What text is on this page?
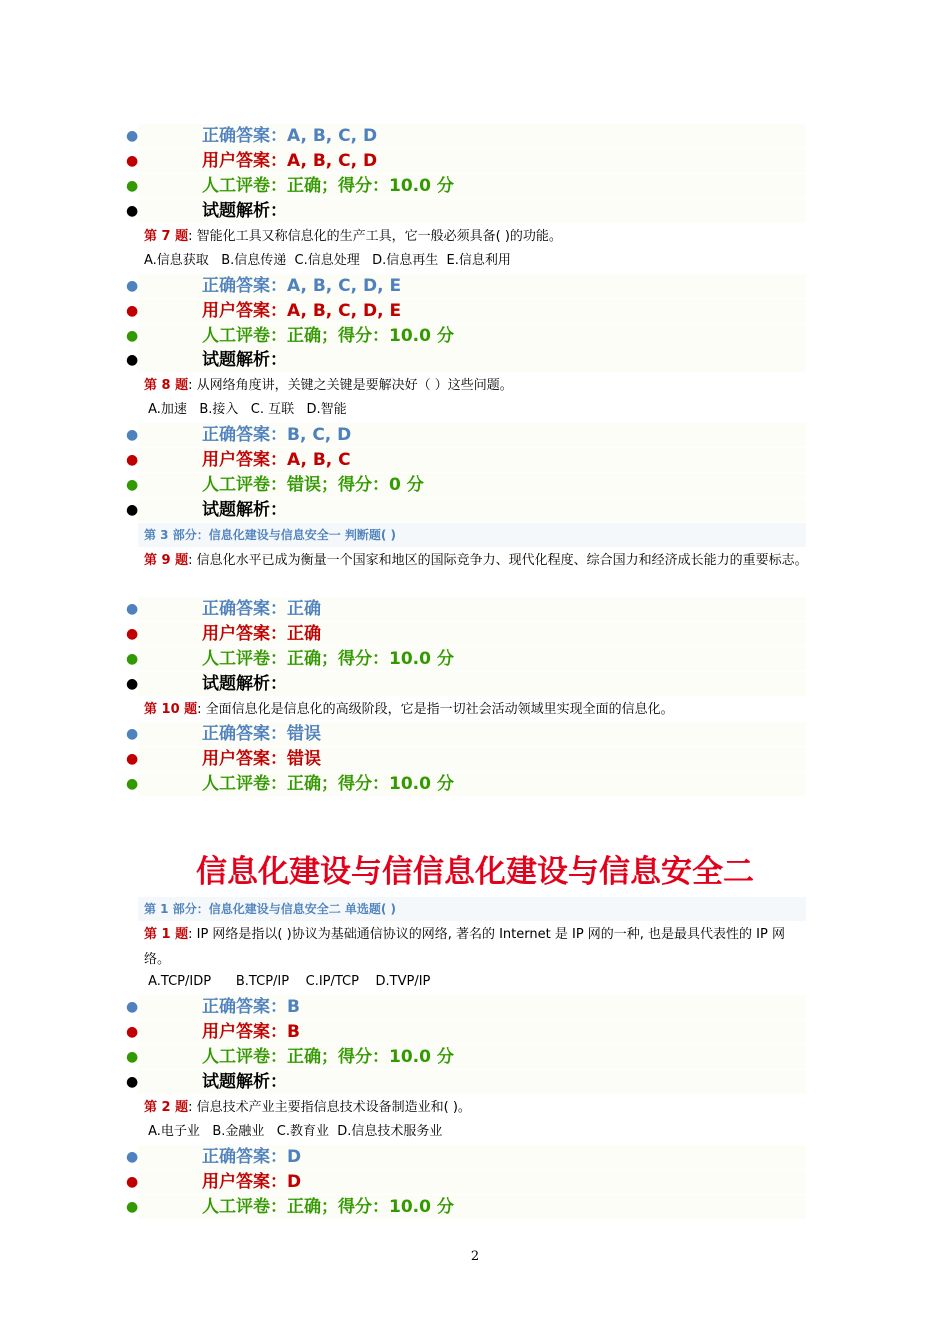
●	正确答案：A, B, C, D
●	用户答案：A, B, C, D
●	人工评卷：正确；得分：10.0 分
●	试题解析：
第 7 题: 智能化工具又称信息化的生产工具，它一般必须具备( )的功能。
A.信息获取   B.信息传递  C.信息处理   D.信息再生  E.信息利用
●	正确答案：A, B, C, D, E
●	用户答案：A, B, C, D, E
●	人工评卷：正确；得分：10.0 分
●	试题解析：
第 8 题: 从网络角度讲，关键之关键是要解决好（ ）这些问题。
A.加速   B.接入   C. 互联   D.智能
●	正确答案：B, C, D
●	用户答案：A, B, C
●	人工评卷：错误；得分：0 分
●	试题解析：
第 3 部分：信息化建设与信息安全一 判断题( )
第 9 题: 信息化水平已成为衡量一个国家和地区的国际竞争力、现代化程度、综合国力和经济成长能力的重要标志。
●	正确答案：正确
●	用户答案：正确
●	人工评卷：正确；得分：10.0 分
●	试题解析：
第 10 题: 全面信息化是信息化的高级阶段，它是指一切社会活动领域里实现全面的信息化。
●	正确答案：错误
●	用户答案：错误
●	人工评卷：正确；得分：10.0 分
信息化建设与信信息化建设与信息安全二
第 1 部分：信息化建设与信息安全二 单选题( )
第 1 题: IP 网络是指以( )协议为基础通信协议的网络, 著名的 Internet 是 IP 网的一种, 也是最具代表性的 IP 网络。
A.TCP/IDP      B.TCP/IP    C.IP/TCP    D.TVP/IP
●	正确答案：B
●	用户答案：B
●	人工评卷：正确；得分：10.0 分
●	试题解析：
第 2 题: 信息技术产业主要指信息技术设备制造业和( )。
A.电子业   B.金融业   C.教育业  D.信息技术服务业
●	正确答案：D
●	用户答案：D
●	人工评卷：正确；得分：10.0 分
2
